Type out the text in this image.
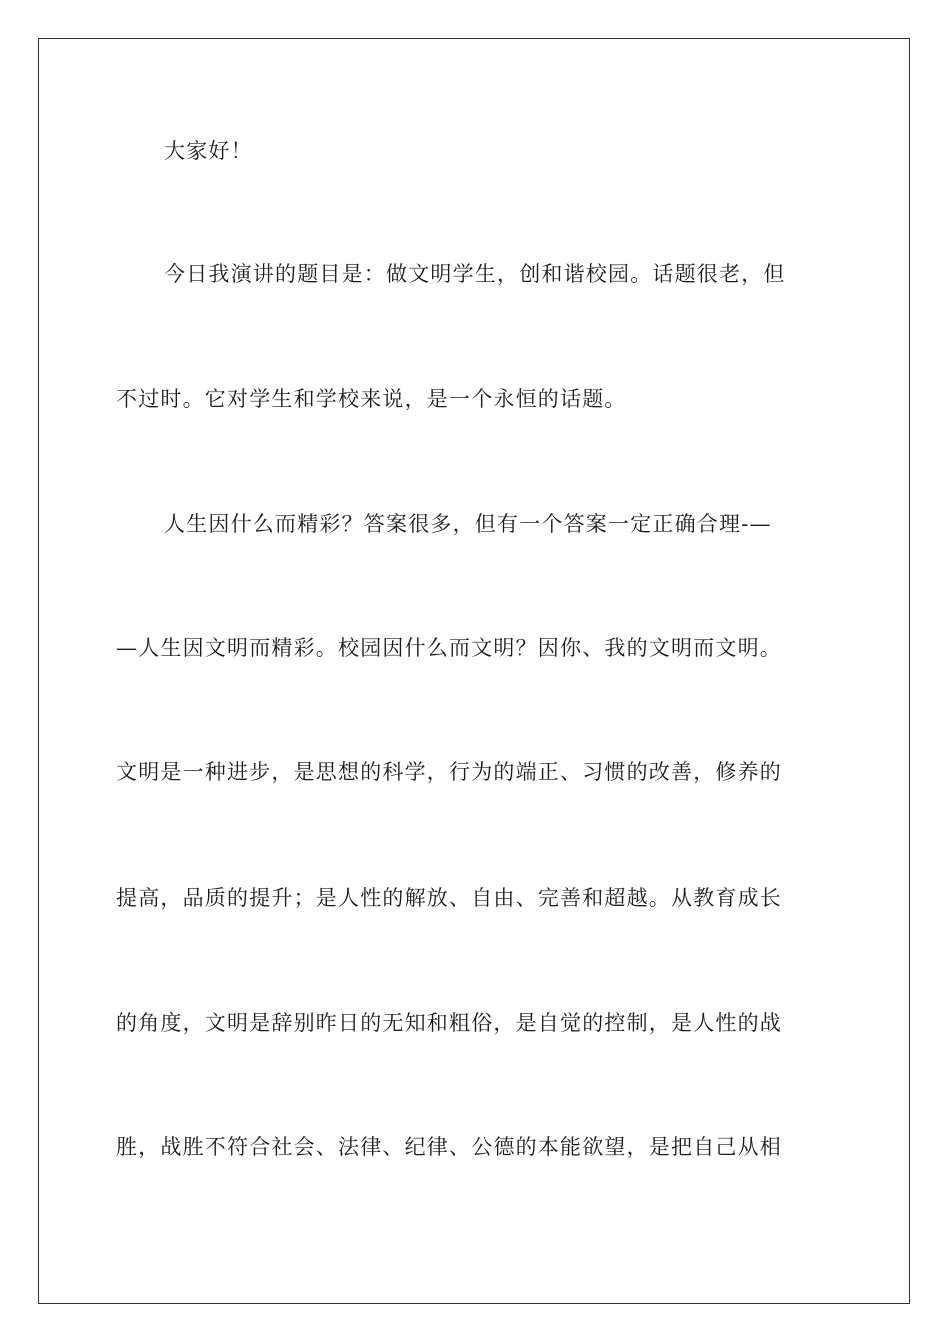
大家好！
今日我演讲的题目是：做文明学生，创和谐校园。话题很老，但
不过时。它对学生和学校来说，是一个永恒的话题。
人生因什么而精彩？答案很多，但有一个答案一定正确合理-—
—人生因文明而精彩。校园因什么而文明？因你、我的文明而文明。
文明是一种进步，是思想的科学，行为的端正、习惯的改善，修养的
提高，品质的提升；是人性的解放、自由、完善和超越。从教育成长
的角度，文明是辞别昨日的无知和粗俗，是自觉的控制，是人性的战
胜，战胜不符合社会、法律、纪律、公德的本能欲望，是把自己从相
